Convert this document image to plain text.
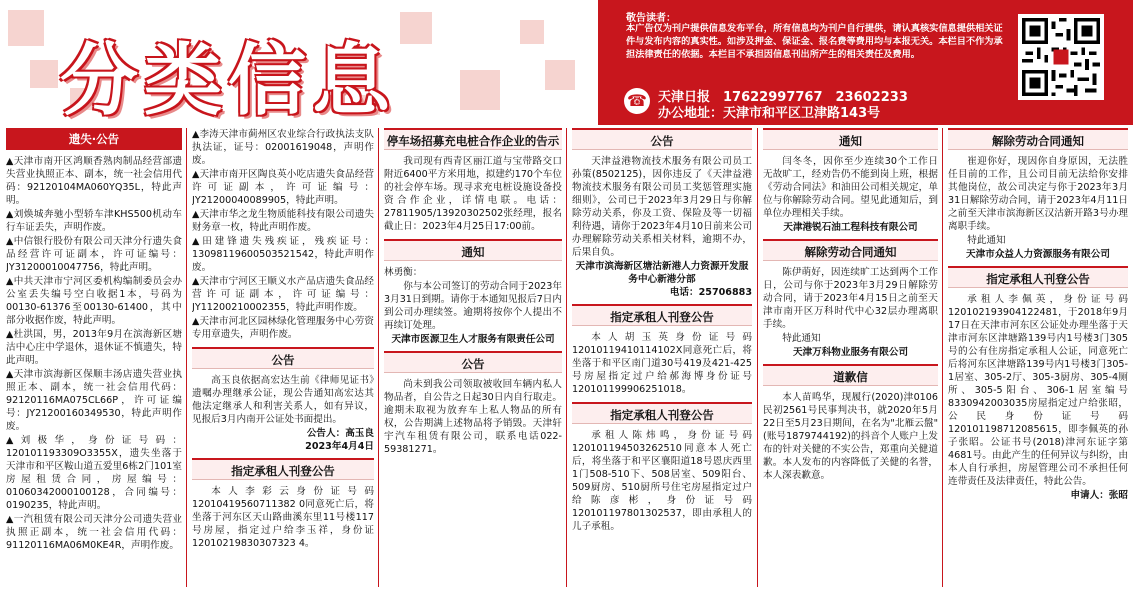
分类信息
敬告读者：
本广告仅为刊户提供信息发布平台，所有信息均为刊户自行提供，请认真核实信息提供相关证件与发布内容的真实性。如涉及押金、保证金、报名费等费用均与本报无关。本栏目不作为承担法律责任的依据。本栏目不承担因信息刊出所产生的相关责任及费用。
☎ 天津日报　17622997767　23602233
办公地址：天津市和平区卫津路143号
遗失·公告
▲天津市南开区鸿顺香熟肉制品经营部遗失营业执照正本、副本，统一社会信用代码：92120104MA060YQ35L，特此声明。
▲刘焕城奔驰小型轿车津KHS500机动车行车证丢失，声明作废。
▲中信银行股份有限公司天津分行遗失食品经营许可证副本，许可证编号：JY31200010047756，特此声明。
▲中共天津市宁河区委机构编制委员会办公室丢失编号空白收据1本，号码为00130-61376至00130-61400，其中部分收据作废，特此声明。
▲杜洪国，男，2013年9月在滨海新区塘沽中心庄中学退休，退休证不慎遗失，特此声明。
▲天津市滨海新区保顺丰汤店遗失营业执照正本、副本，统一社会信用代码：92120116MA075CL66P，许可证编号：JY21200160349530，特此声明作废。
▲刘极华，身份证号码：120101193309O3355X，遗失坐落于天津市和平区鞍山道五爱里6栋2门101室房屋租赁合同，房屋编号：01060342000100128，合同编号：0190235，特此声明。
▲一汽租赁有限公司天津分公司遗失营业执照正副本，统一社会信用代码：91120116MA06M0KE4R，声明作废。
▲李涛天津市蓟州区农业综合行政执法支队执法证，证号：02001619048，声明作废。
▲天津市南开区陶良英小吃店遗失食品经营许可证副本，许可证编号：JY21200040089905，特此声明。
▲天津市华之龙生物质能科技有限公司遗失财务章一枚，特此声明作废。
▲田建锋遗失残疾证，残疾证号：13098119600503521542，特此声明作废。
▲天津市宁河区王顺义水产品店遗失食品经营许可证副本，许可证编号：JY11200210002355，特此声明作废。
▲天津市河北区园林绿化管理服务中心劳资专用章遗失，声明作废。
公告
高玉良依据高宏达生前《律师见证书》遗嘱办理继承公证，现公告通知高宏达其他法定继承人和利害关系人，如有异议，见报后3月内南开公证处书面提出。
公告人：高玉良
2023年4月4日
指定承租人刊登公告
本人李彩云身份证号码12010419560711382 0同意死亡后，将坐落于河东区天山路曲溪东里11号楼117号房屋，指定过户给李玉祥，身份证12010219830307323 4。
停车场招募充电桩合作企业的告示
我司现有西青区丽江道与宝带路交口附近6400平方米用地，拟建约170个车位的社会停车场。现寻求充电桩设施设备投资合作企业，详情电联。电话：27811905/13920302502张经理，报名截止日：2023年4月25日17:00前。
通知
林勇衡：
你与本公司签订的劳动合同于2023年3月31日到期。请你于本通知见报后7日内到公司办理续签。逾期将按你个人提出不再续订处理。
天津市医源卫生人才服务有限责任公司
公告
尚未到我公司领取被收回车辆内私人物品者，自公告之日起30日内自行取走。逾期未取视为放弃车上私人物品的所有权，公告期满上述物品将予销毁。天津轩宇汽车租赁有限公司，联系电话022-59381271。
公告
天津益港物流技术服务有限公司员工孙策(8502125)，因你违反了《天津益港物流技术服务有限公司员工奖惩管理实施细则》，公司已于2023年3月29日与你解除劳动关系，你及工资、保险及等一切福利待遇，请你于2023年4月10日前来公司办理解除劳动关系相关材料，逾期不办，后果自负。
天津市滨海新区塘沽新港人力资源开发服务中心新港分部
电话：25706883
指定承租人刊登公告
本人胡玉英身份证号码12010119410114102X同意死亡后，将坐落于和平区南门道30号419及421-425号房屋指定过户给郝海博身份证号120101199906251018。
指定承租人刊登公告
承租人陈炜鸣，身份证号码120101194503262510同意本人死亡后，将坐落于和平区襄阳道18号恩庆西里1门508-510下、508居室、509阳台、509厨房、510厨所号住宅房屋指定过户给陈彦彬，身份证号码120101197801302537，即由承租人的儿子承租。
通知
闫冬冬，因你至少连续30个工作日无故旷工，经劝告仍不能到岗上班，根据《劳动合同法》和油田公司相关规定，单位与你解除劳动合同。望见此通知后，到单位办理相关手续。
天津港锐石油工程科技有限公司
解除劳动合同通知
陈伊萌好，因连续旷工达到两个工作日，公司与你于2023年3月29日解除劳动合同，请于2023年4月15日之前至天津市南开区万科时代中心32层办理离职手续。
特此通知
天津万科物业服务有限公司
道歉信
本人苗鸣华，现履行(2020)津0106民初2561号民事判决书，就2020年5月22日至5月23日期间，在名为"北雁云盤"(账号1879744192)的抖音个人账户上发布的针对关健的不实公告，郑重向关健道歉。本人发布的内容降低了关健的名誉，本人深表歉意。
解除劳动合同通知
崔迎你好，现因你自身原因，无法胜任目前的工作，且公司目前无法给你安排其他岗位，故公司决定与你于2023年3月31日解除劳动合同，请于2023年4月11日之前至天津市滨海新区汉沽新开路3号办理离职手续。
特此通知
天津市众益人力资源服务有限公司
指定承租人刊登公告
承租人李佩英，身份证号码120102193904122481，于2018年9月17日在天津市河东区公证处办理坐落于天津市河东区津塘路139号内1号楼3门305号的公有住房指定承租人公证，同意死亡后将河东区津塘路139号内1号楼3门305-1居室、305-2厅、305-3厨房、305-4厕所、305-5阳台、306-1居室编号8330942003035房屋指定过户给张昭，公民身份证号码120101198712085615，即李佩英的孙子张昭。公证书号(2018)津河东证字第4681号。由此产生的任何异议与纠纷，由本人自行承担，房屋管理公司不承担任何连带责任及法律责任，特此公告。
申请人：张昭
